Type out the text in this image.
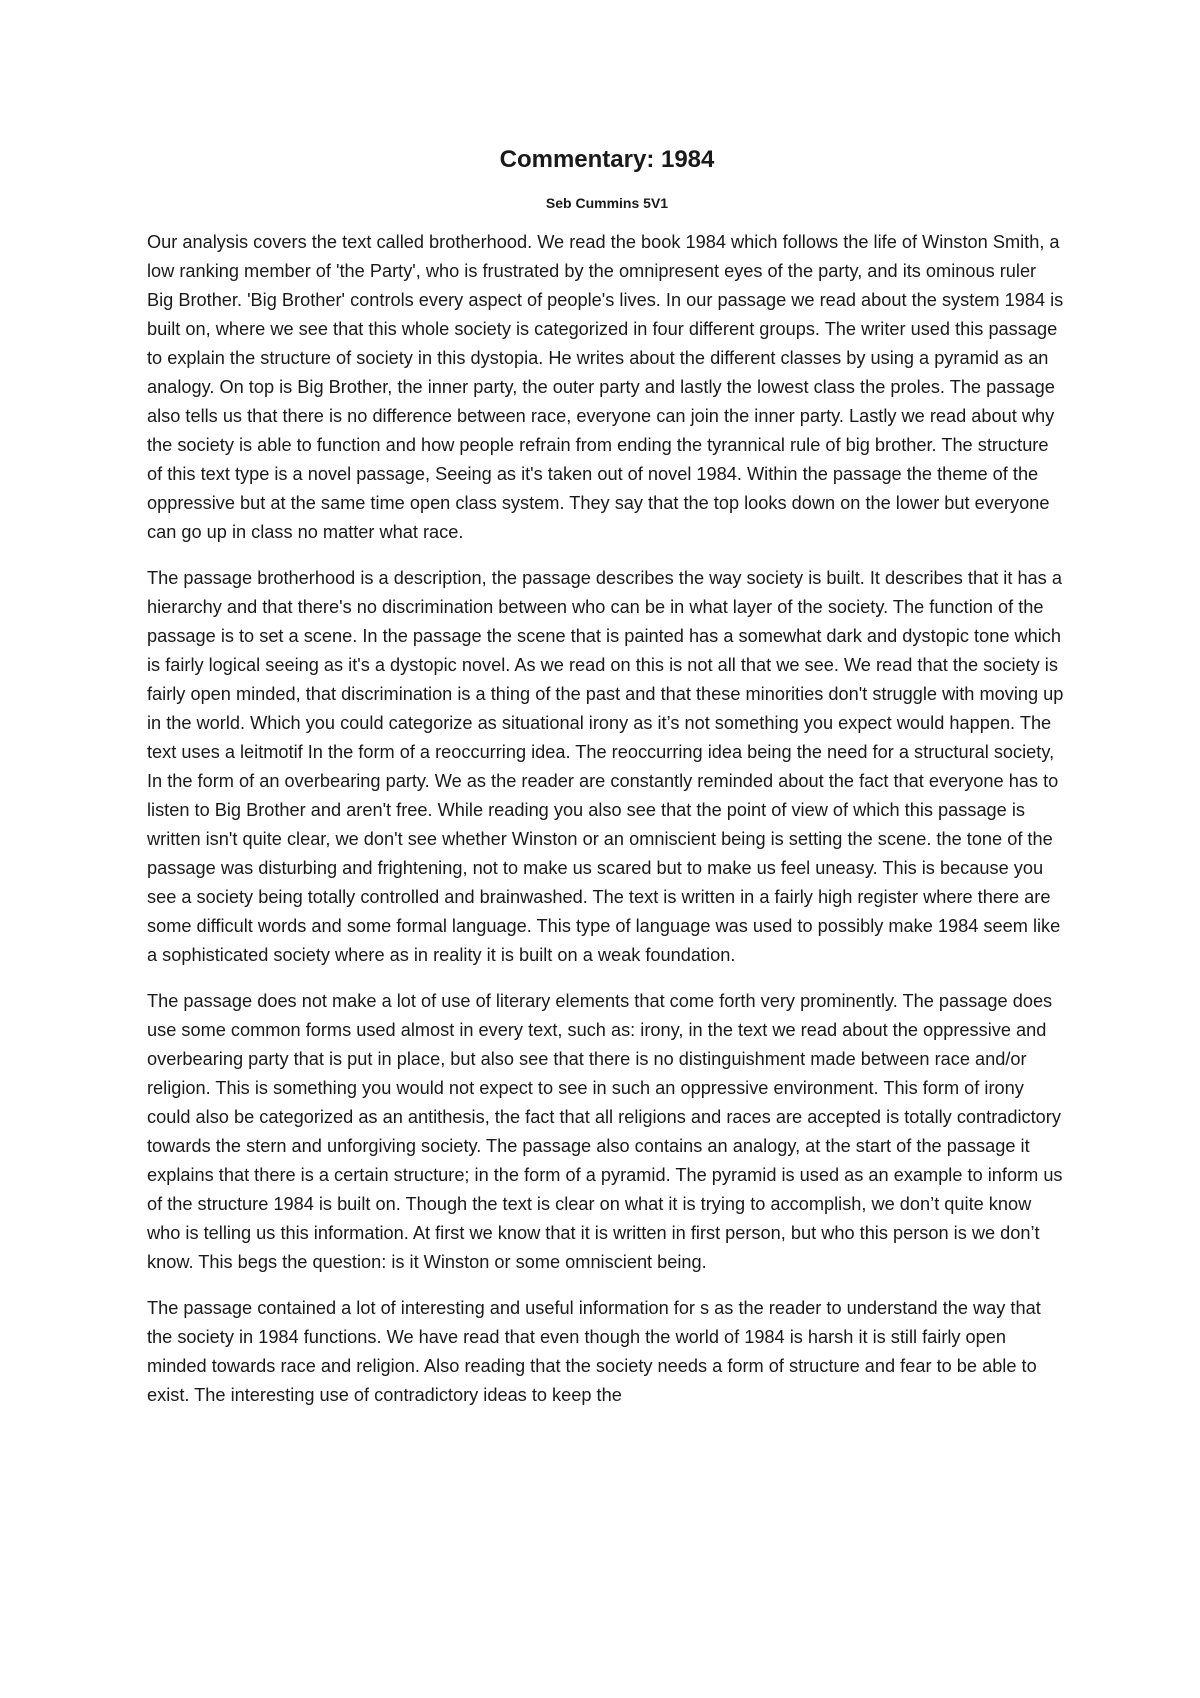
Commentary: 1984

Seb Cummins 5V1

Our analysis covers the text called brotherhood. We read the book 1984 which follows the life of Winston Smith, a low ranking member of 'the Party', who is frustrated by the omnipresent eyes of the party, and its ominous ruler Big Brother. 'Big Brother' controls every aspect of people's lives. In our passage we read about the system 1984 is built on, where we see that this whole society is categorized in four different groups. The writer used this passage to explain the structure of society in this dystopia. He writes about the different classes by using a pyramid as an analogy. On top is Big Brother, the inner party, the outer party and lastly the lowest class the proles. The passage also tells us that there is no difference between race, everyone can join the inner party. Lastly we read about why the society is able to function and how people refrain from ending the tyrannical rule of big brother. The structure of this text type is a novel passage, Seeing as it's taken out of novel 1984. Within the passage the theme of the oppressive but at the same time open class system. They say that the top looks down on the lower but everyone can go up in class no matter what race.

The passage brotherhood is a description, the passage describes the way society is built. It describes that it has a hierarchy and that there's no discrimination between who can be in what layer of the society. The function of the passage is to set a scene. In the passage the scene that is painted has a somewhat dark and dystopic tone which is fairly logical seeing as it's a dystopic novel. As we read on this is not all that we see. We read that the society is fairly open minded, that discrimination is a thing of the past and that these minorities don't struggle with moving up in the world. Which you could categorize as situational irony as it’s not something you expect would happen. The text uses a leitmotif In the form of a reoccurring idea. The reoccurring idea being the need for a structural society, In the form of an overbearing party. We as the reader are constantly reminded about the fact that everyone has to listen to Big Brother and aren't free. While reading you also see that the point of view of which this passage is written isn't quite clear, we don't see whether Winston or an omniscient being is setting the scene. the tone of the passage was disturbing and frightening, not to make us scared but to make us feel uneasy. This is because you see a society being totally controlled and brainwashed. The text is written in a fairly high register where there are some difficult words and some formal language. This type of language was used to possibly make 1984 seem like a sophisticated society where as in reality it is built on a weak foundation.

The passage does not make a lot of use of literary elements that come forth very prominently. The passage does use some common forms used almost in every text, such as: irony, in the text we read about the oppressive and overbearing party that is put in place, but also see that there is no distinguishment made between race and/or religion. This is something you would not expect to see in such an oppressive environment. This form of irony could also be categorized as an antithesis, the fact that all religions and races are accepted is totally contradictory towards the stern and unforgiving society. The passage also contains an analogy, at the start of the passage it explains that there is a certain structure; in the form of a pyramid. The pyramid is used as an example to inform us of the structure 1984 is built on. Though the text is clear on what it is trying to accomplish, we don’t quite know who is telling us this information. At first we know that it is written in first person, but who this person is we don’t know. This begs the question: is it Winston or some omniscient being.

The passage contained a lot of interesting and useful information for s as the reader to understand the way that the society in 1984 functions. We have read that even though the world of 1984 is harsh it is still fairly open minded towards race and religion. Also reading that the society needs a form of structure and fear to be able to exist. The interesting use of contradictory ideas to keep the
